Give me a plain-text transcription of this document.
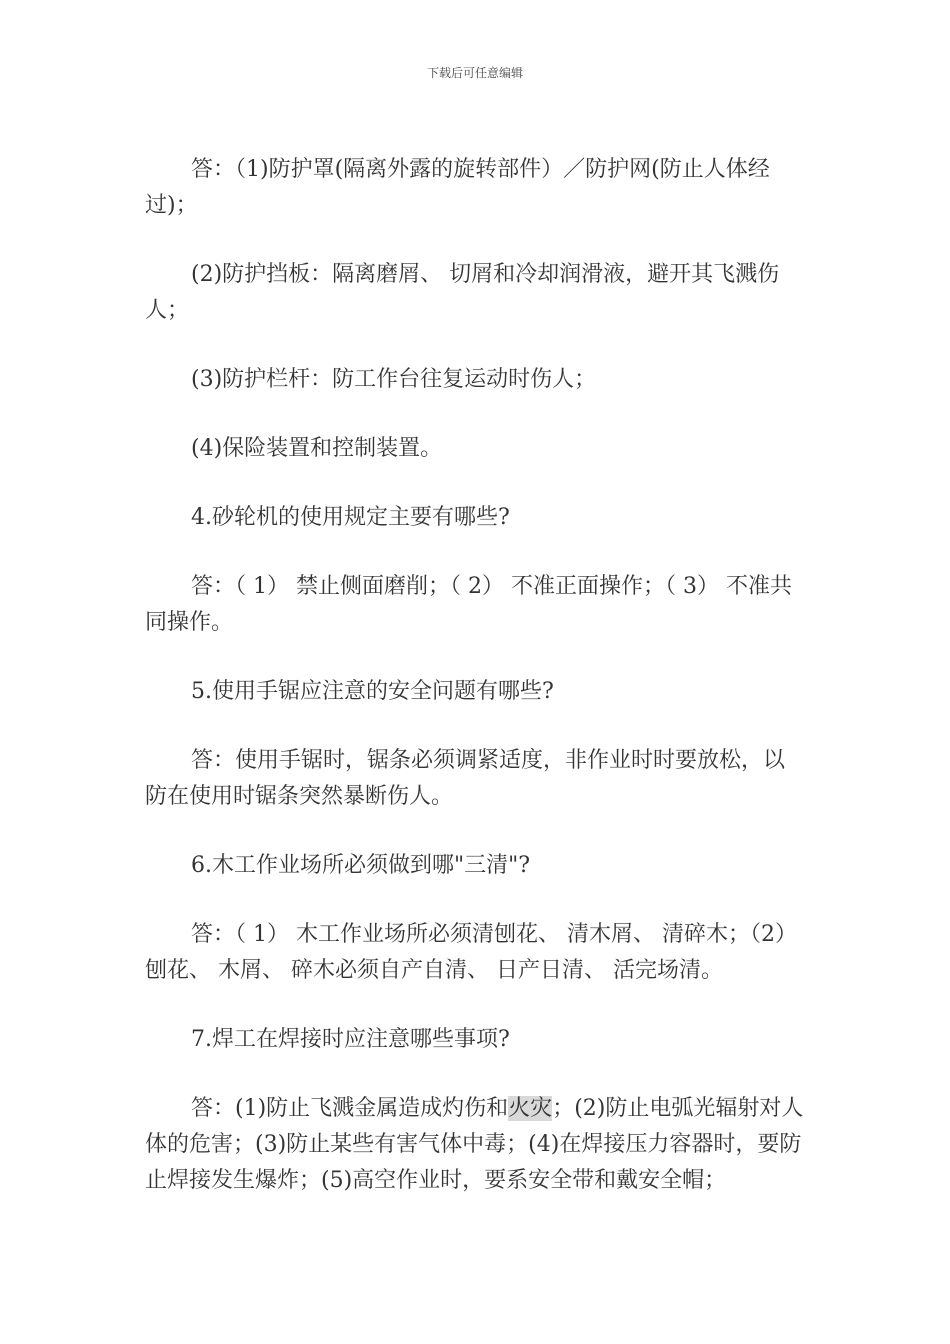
下载后可任意编辑

答：（1)防护罩(隔离外露的旋转部件）／防护网(防止人体经过)；

(2)防护挡板：隔离磨屑、 切屑和冷却润滑液，避开其飞溅伤人；

(3)防护栏杆：防工作台往复运动时伤人；

(4)保险装置和控制装置。

4.砂轮机的使用规定主要有哪些?

答：（ 1） 禁止侧面磨削；（ 2） 不准正面操作；（ 3） 不准共同操作。

5.使用手锯应注意的安全问题有哪些?

答：使用手锯时，锯条必须调紧适度，非作业时时要放松，以防在使用时锯条突然暴断伤人。

6.木工作业场所必须做到哪"三清"?

答：（ 1） 木工作业场所必须清刨花、 清木屑、 清碎木；（2） 刨花、 木屑、 碎木必须自产自清、 日产日清、 活完场清。

7.焊工在焊接时应注意哪些事项?

答：(1)防止飞溅金属造成灼伤和火灾；(2)防止电弧光辐射对人体的危害；(3)防止某些有害气体中毒；(4)在焊接压力容器时，要防止焊接发生爆炸；(5)高空作业时，要系安全带和戴安全帽；
